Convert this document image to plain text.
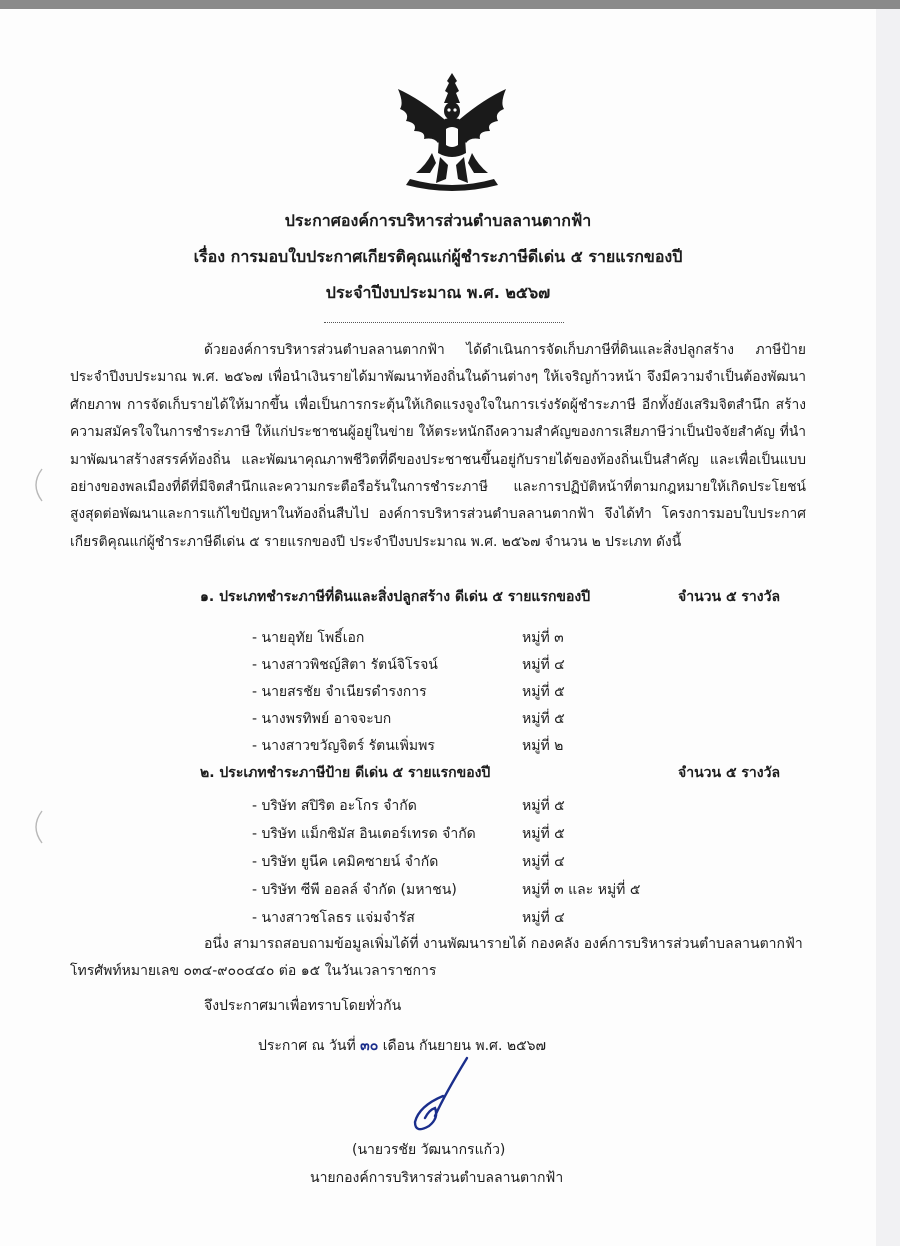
ประกาศองค์การบริหารส่วนตำบลลานตากฟ้า
เรื่อง การมอบใบประกาศเกียรติคุณแก่ผู้ชำระภาษีดีเด่น ๕ รายแรกของปี
ประจำปีงบประมาณ พ.ศ. ๒๕๖๗
ด้วยองค์การบริหารส่วนตำบลลานตากฟ้า ได้ดำเนินการจัดเก็บภาษีที่ดินและสิ่งปลูกสร้าง ภาษีป้าย ประจำปีงบประมาณ พ.ศ. ๒๕๖๗ เพื่อนำเงินรายได้มาพัฒนาท้องถิ่นในด้านต่างๆ ให้เจริญก้าวหน้า จึงมีความจำเป็นต้องพัฒนาศักยภาพ การจัดเก็บรายได้ให้มากขึ้น เพื่อเป็นการกระตุ้นให้เกิดแรงจูงใจในการเร่งรัดผู้ชำระภาษี อีกทั้งยังเสริมจิตสำนึก สร้างความสมัครใจในการชำระภาษี ให้แก่ประชาชนผู้อยู่ในข่าย ให้ตระหนักถึงความสำคัญของการเสียภาษีว่าเป็นปัจจัยสำคัญ ที่นำมาพัฒนาสร้างสรรค์ท้องถิ่น และพัฒนาคุณภาพชีวิตที่ดีของประชาชนขึ้นอยู่กับรายได้ของท้องถิ่นเป็นสำคัญ และเพื่อเป็นแบบอย่างของพลเมืองที่ดีที่มีจิตสำนึกและความกระตือรือร้นในการชำระภาษี และการปฏิบัติหน้าที่ตามกฎหมายให้เกิดประโยชน์สูงสุดต่อพัฒนาและการแก้ไขปัญหาในท้องถิ่นสืบไป องค์การบริหารส่วนตำบลลานตากฟ้า จึงได้ทำ โครงการมอบใบประกาศเกียรติคุณแก่ผู้ชำระภาษีดีเด่น ๕ รายแรกของปี ประจำปีงบประมาณ พ.ศ. ๒๕๖๗ จำนวน ๒ ประเภท ดังนี้
๑. ประเภทชำระภาษีที่ดินและสิ่งปลูกสร้าง ดีเด่น ๕ รายแรกของปี	จำนวน ๕ รางวัล
- นายอุทัย โพธิ์เอก	หมู่ที่ ๓
- นางสาวพิชญ์สิตา รัตน์จิโรจน์	หมู่ที่ ๔
- นายสรชัย จำเนียรดำรงการ	หมู่ที่ ๕
- นางพรทิพย์ อาจจะบก	หมู่ที่ ๕
- นางสาวขวัญจิตร์ รัตนเพิ่มพร	หมู่ที่ ๒
๒. ประเภทชำระภาษีป้าย ดีเด่น ๕ รายแรกของปี	จำนวน ๕ รางวัล
- บริษัท สปิริต อะโกร จำกัด	หมู่ที่ ๕
- บริษัท แม็กซิมัส อินเตอร์เทรด จำกัด	หมู่ที่ ๕
- บริษัท ยูนีค เคมิคซายน์ จำกัด	หมู่ที่ ๔
- บริษัท ซีพี ออลล์ จำกัด (มหาชน)	หมู่ที่ ๓ และ หมู่ที่ ๕
- นางสาวชโลธร แจ่มจำรัส	หมู่ที่ ๔
อนึ่ง สามารถสอบถามข้อมูลเพิ่มได้ที่ งานพัฒนารายได้ กองคลัง องค์การบริหารส่วนตำบลลานตากฟ้า โทรศัพท์หมายเลข ๐๓๔-๙๐๐๔๔๐ ต่อ ๑๕ ในวันเวลาราชการ
จึงประกาศมาเพื่อทราบโดยทั่วกัน
ประกาศ ณ วันที่ ๓๐ เดือน กันยายน พ.ศ. ๒๕๖๗
(นายวรชัย วัฒนากรแก้ว)
นายกองค์การบริหารส่วนตำบลลานตากฟ้า
